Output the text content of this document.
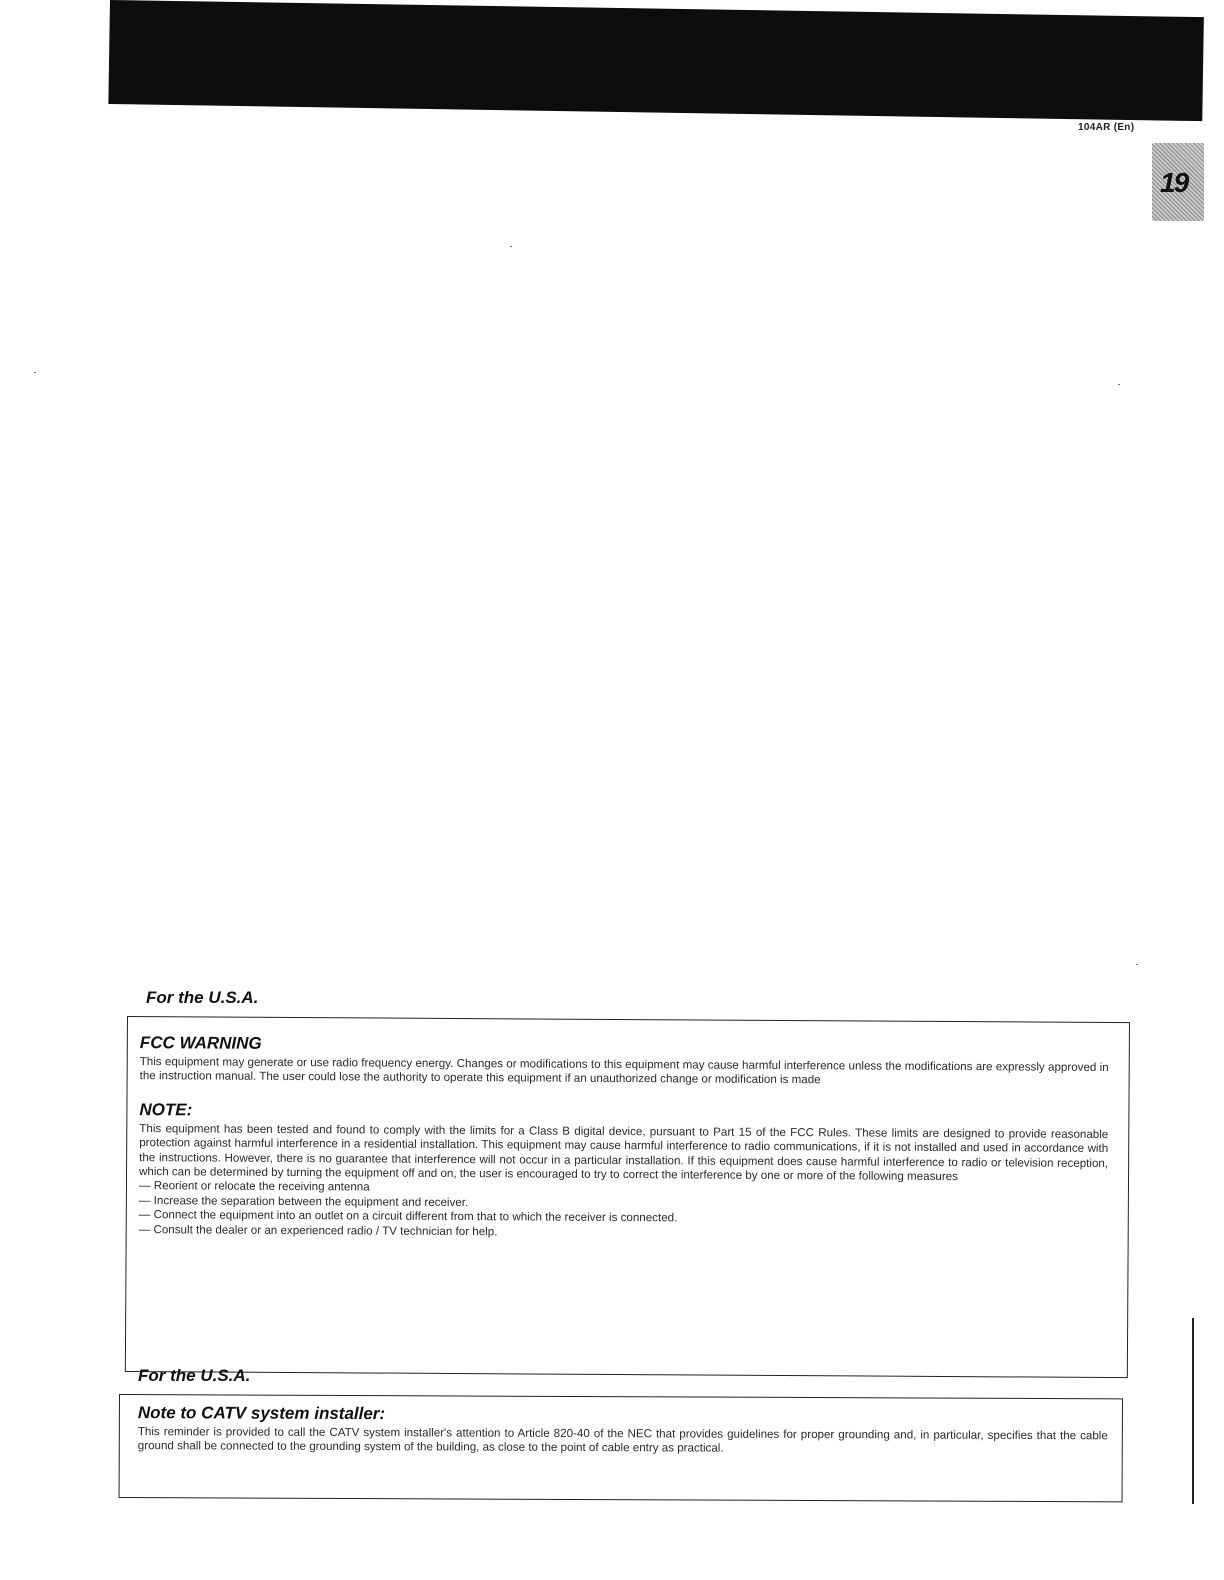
104AR (En)
19
For the U.S.A.

FCC WARNING

This equipment may generate or use radio frequency energy. Changes or modifications to this equipment may cause harmful interference unless the modifications are expressly approved in the instruction manual. The user could lose the authority to operate this equipment if an unauthorized change or modification is made

NOTE:

This equipment has been tested and found to comply with the limits for a Class B digital device, pursuant to Part 15 of the FCC Rules. These limits are designed to provide reasonable protection against harmful interference in a residential installation. This equipment may cause harmful interference to radio communications, if it is not installed and used in accordance with the instructions. However, there is no guarantee that interference will not occur in a particular installation. If this equipment does cause harmful interference to radio or television reception, which can be determined by turning the equipment off and on, the user is encouraged to try to correct the interference by one or more of the following measures

— Reorient or relocate the receiving antenna

— Increase the separation between the equipment and receiver.

— Connect the equipment into an outlet on a circuit different from that to which the receiver is connected.

— Consult the dealer or an experienced radio / TV technician for help.

For the U.S.A.

Note to CATV system installer:

This reminder is provided to call the CATV system installer's attention to Article 820-40 of the NEC that provides guidelines for proper grounding and, in particular, specifies that the cable ground shall be connected to the grounding system of the building, as close to the point of cable entry as practical.
